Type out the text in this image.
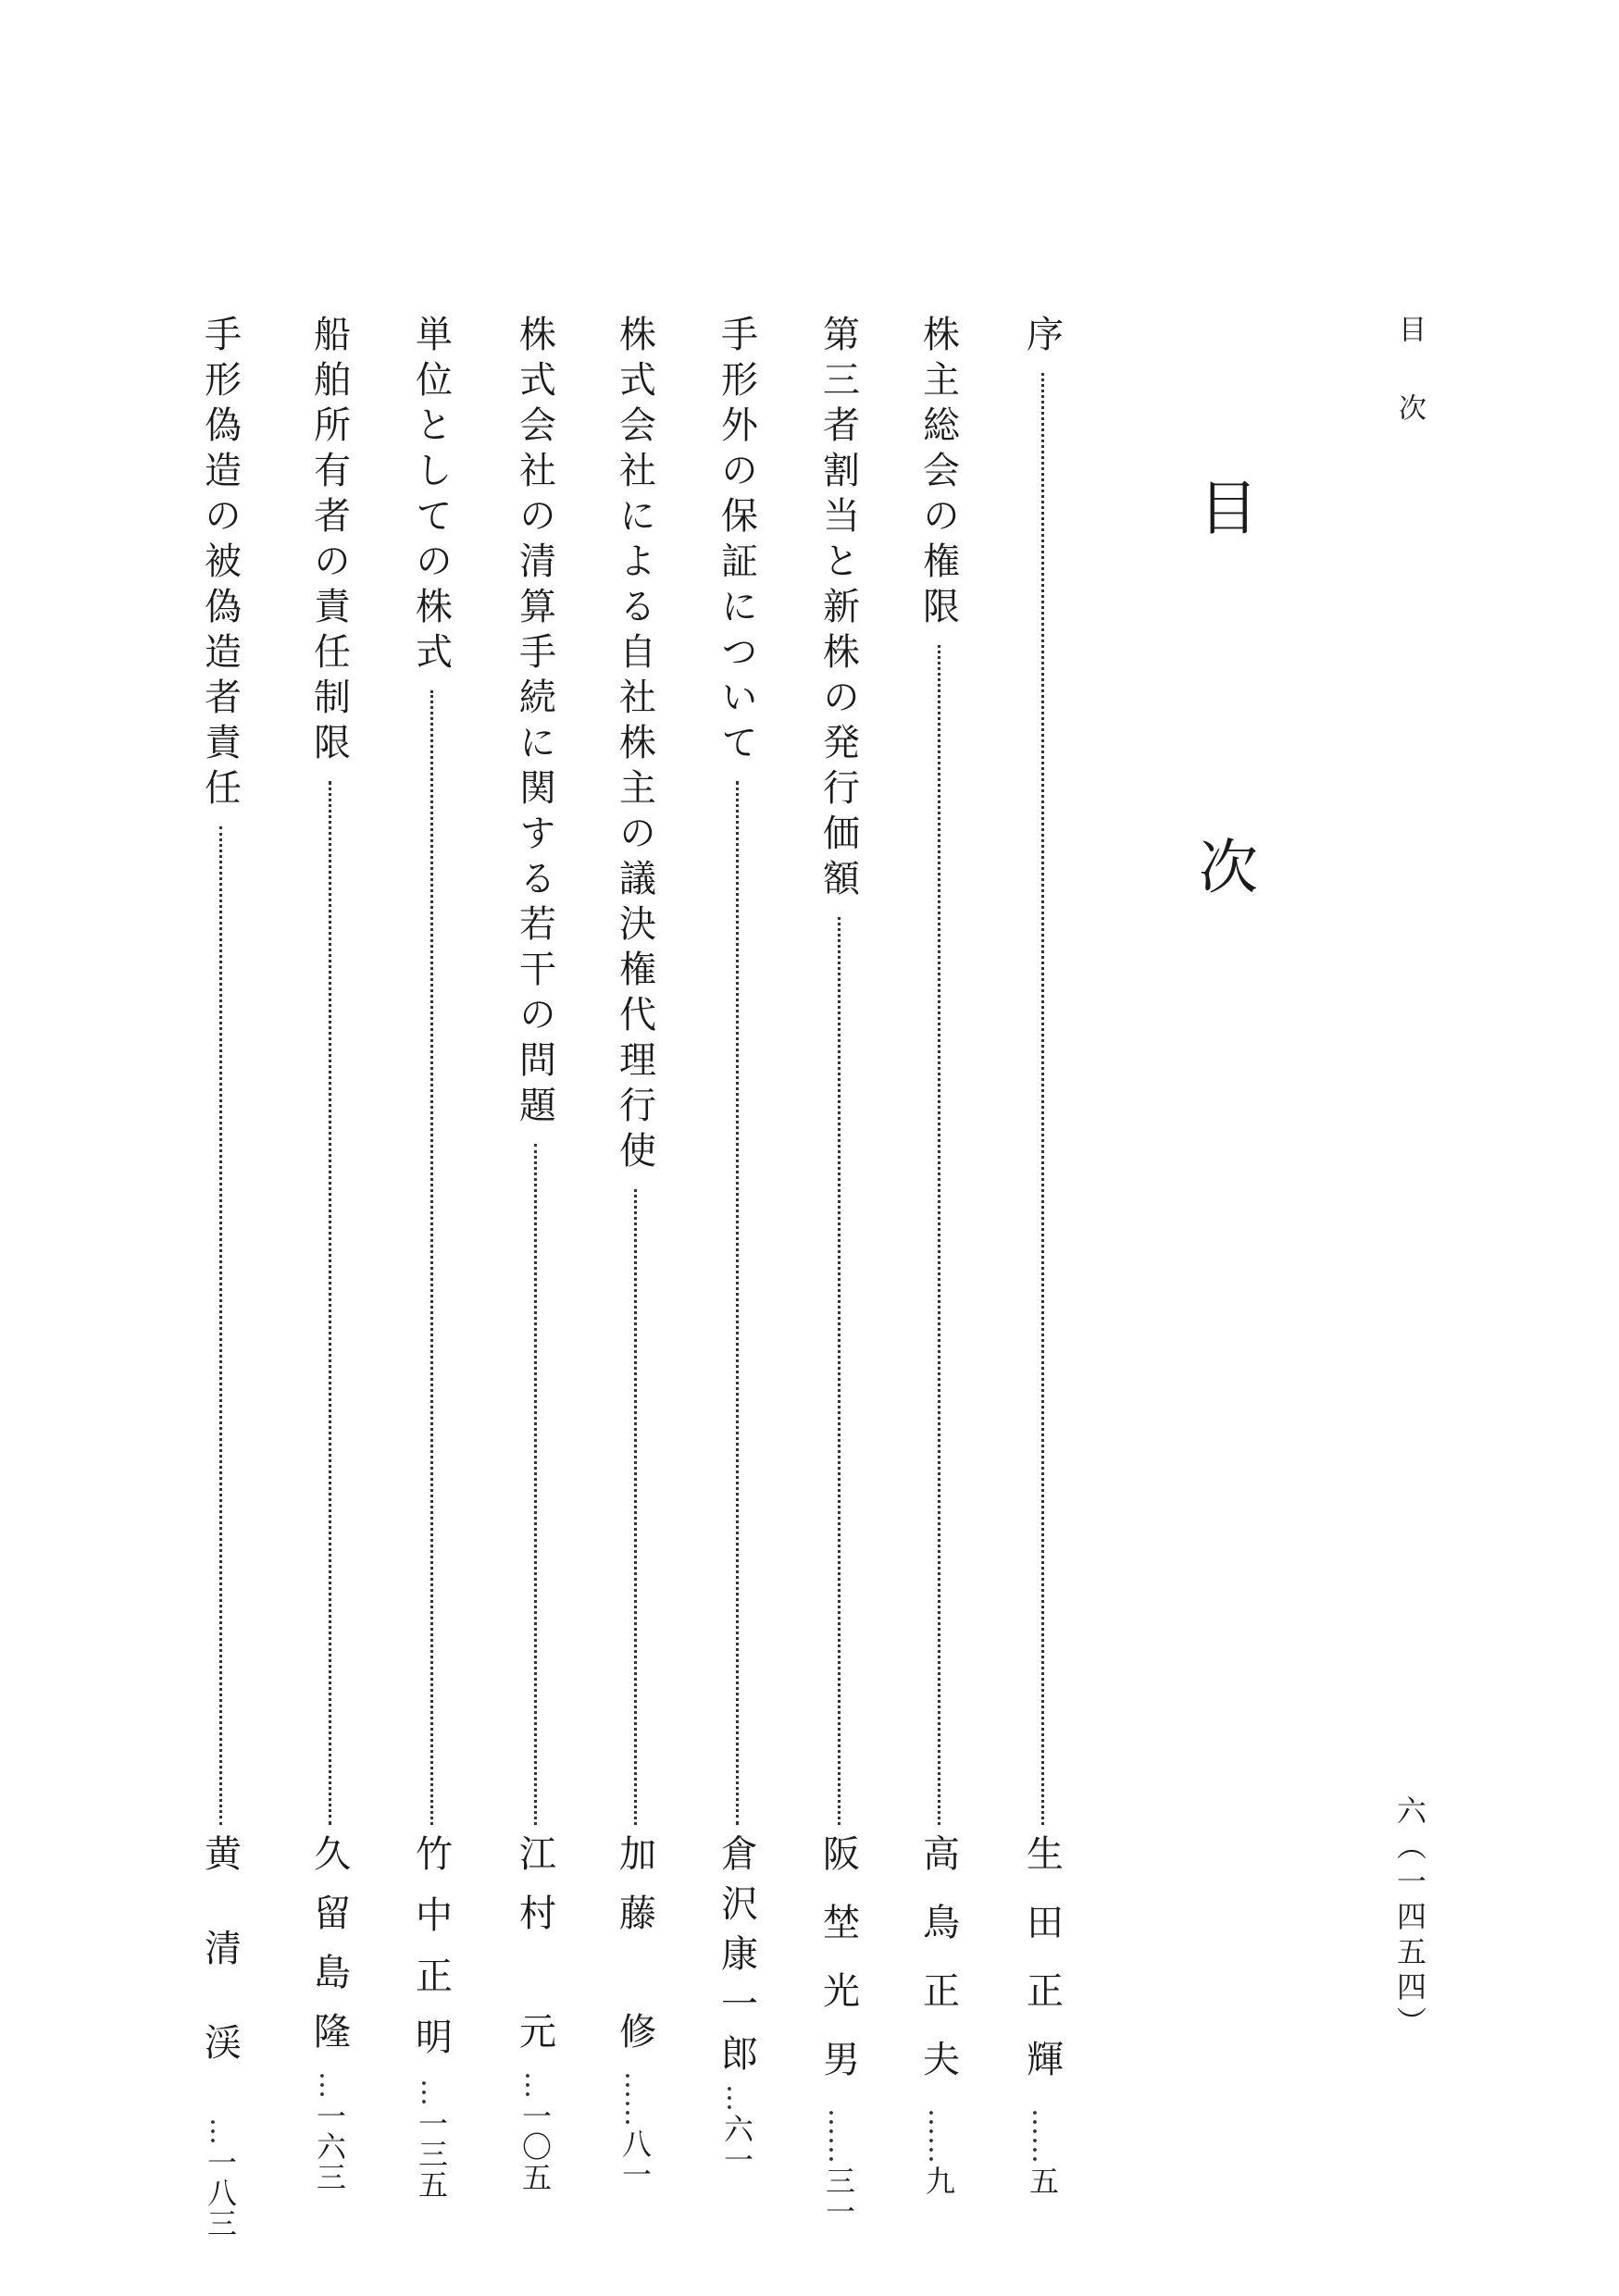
目次
六（一四五四）
目　次
序
生田正輝
……
五
株主総会の権限
高鳥正夫
……
九
第三者割当と新株の発行価額
阪埜光男
……
三一
手形外の保証について
倉沢康一郎
…
六一
株式会社による自社株主の議決権代理行使
加藤　修
……
八一
株式会社の清算手続に関する若干の問題
江村　元
…
一〇五
単位としての株式
竹中正明
…
一三五
船舶所有者の責任制限
久留島隆
…
一六三
手形偽造の被偽造者責任
黄清渓
…
一八三
